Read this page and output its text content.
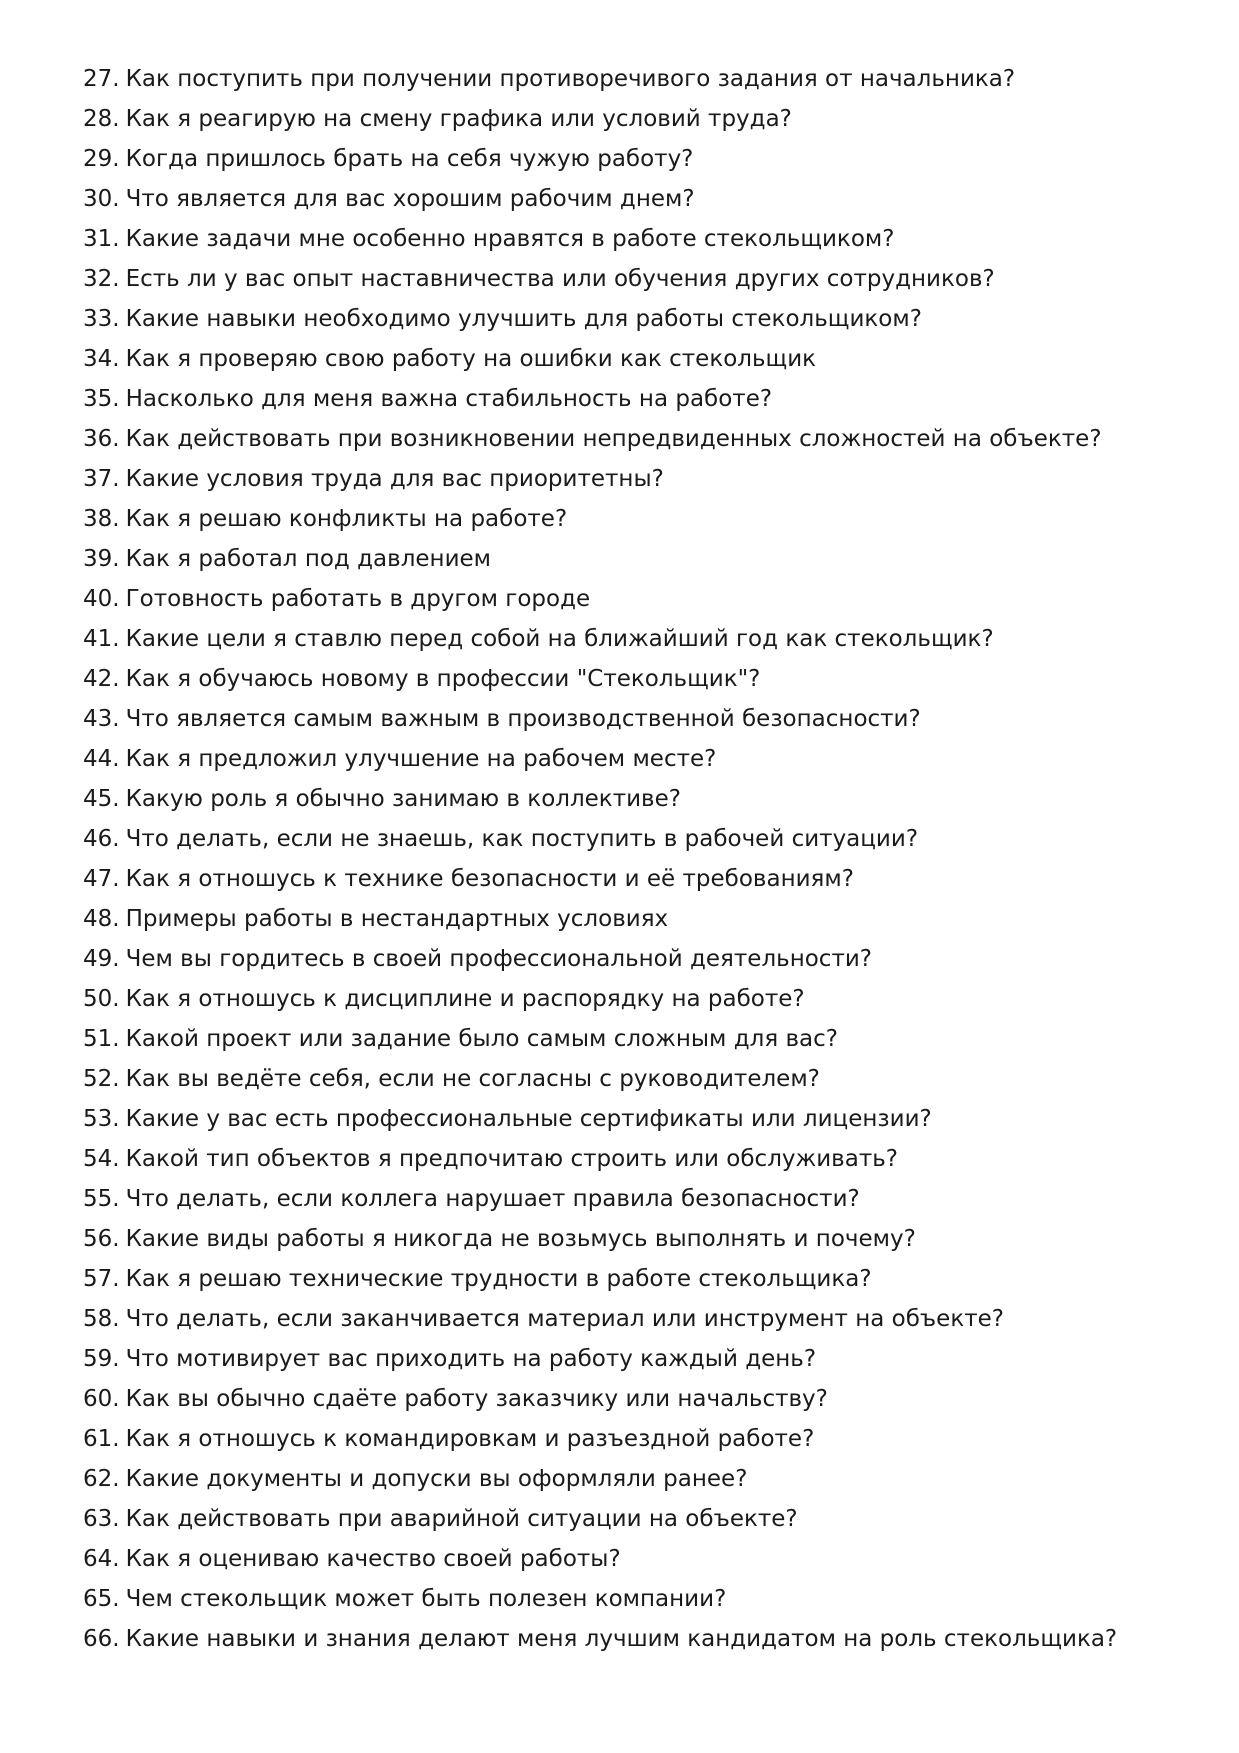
27 . Как поступить при получении противоречивого задания от начальника?
28 . Как я реагирую на смену графика или условий труда?
29 . Когда пришлось брать на себя чужую работу?
30 . Что является для вас хорошим рабочим днем?
31 . Какие задачи мне особенно нравятся в работе стекольщиком?
32 . Есть ли у вас опыт наставничества или обучения других сотрудников?
33 . Какие навыки необходимо улучшить для работы стекольщиком?
34 . Как я проверяю свою работу на ошибки как стекольщик
35 . Насколько для меня важна стабильность на работе?
36 . Как действовать при возникновении непредвиденных сложностей на объекте?
37 . Какие условия труда для вас приоритетны?
38 . Как я решаю конфликты на работе?
39 . Как я работал под давлением
40 . Готовность работать в другом городе
41 . Какие цели я ставлю перед собой на ближайший год как стекольщик?
42 . Как я обучаюсь новому в профессии "Стекольщик"?
43 . Что является самым важным в производственной безопасности?
44 . Как я предложил улучшение на рабочем месте?
45 . Какую роль я обычно занимаю в коллективе?
46 . Что делать, если не знаешь, как поступить в рабочей ситуации?
47 . Как я отношусь к технике безопасности и её требованиям?
48 . Примеры работы в нестандартных условиях
49 . Чем вы гордитесь в своей профессиональной деятельности?
50 . Как я отношусь к дисциплине и распорядку на работе?
51 . Какой проект или задание было самым сложным для вас?
52 . Как вы ведёте себя, если не согласны с руководителем?
53 . Какие у вас есть профессиональные сертификаты или лицензии?
54 . Какой тип объектов я предпочитаю строить или обслуживать?
55 . Что делать, если коллега нарушает правила безопасности?
56 . Какие виды работы я никогда не возьмусь выполнять и почему?
57 . Как я решаю технические трудности в работе стекольщика?
58 . Что делать, если заканчивается материал или инструмент на объекте?
59 . Что мотивирует вас приходить на работу каждый день?
60 . Как вы обычно сдаёте работу заказчику или начальству?
61 . Как я отношусь к командировкам и разъездной работе?
62 . Какие документы и допуски вы оформляли ранее?
63 . Как действовать при аварийной ситуации на объекте?
64 . Как я оцениваю качество своей работы?
65 . Чем стекольщик может быть полезен компании?
66 . Какие навыки и знания делают меня лучшим кандидатом на роль стекольщика?
